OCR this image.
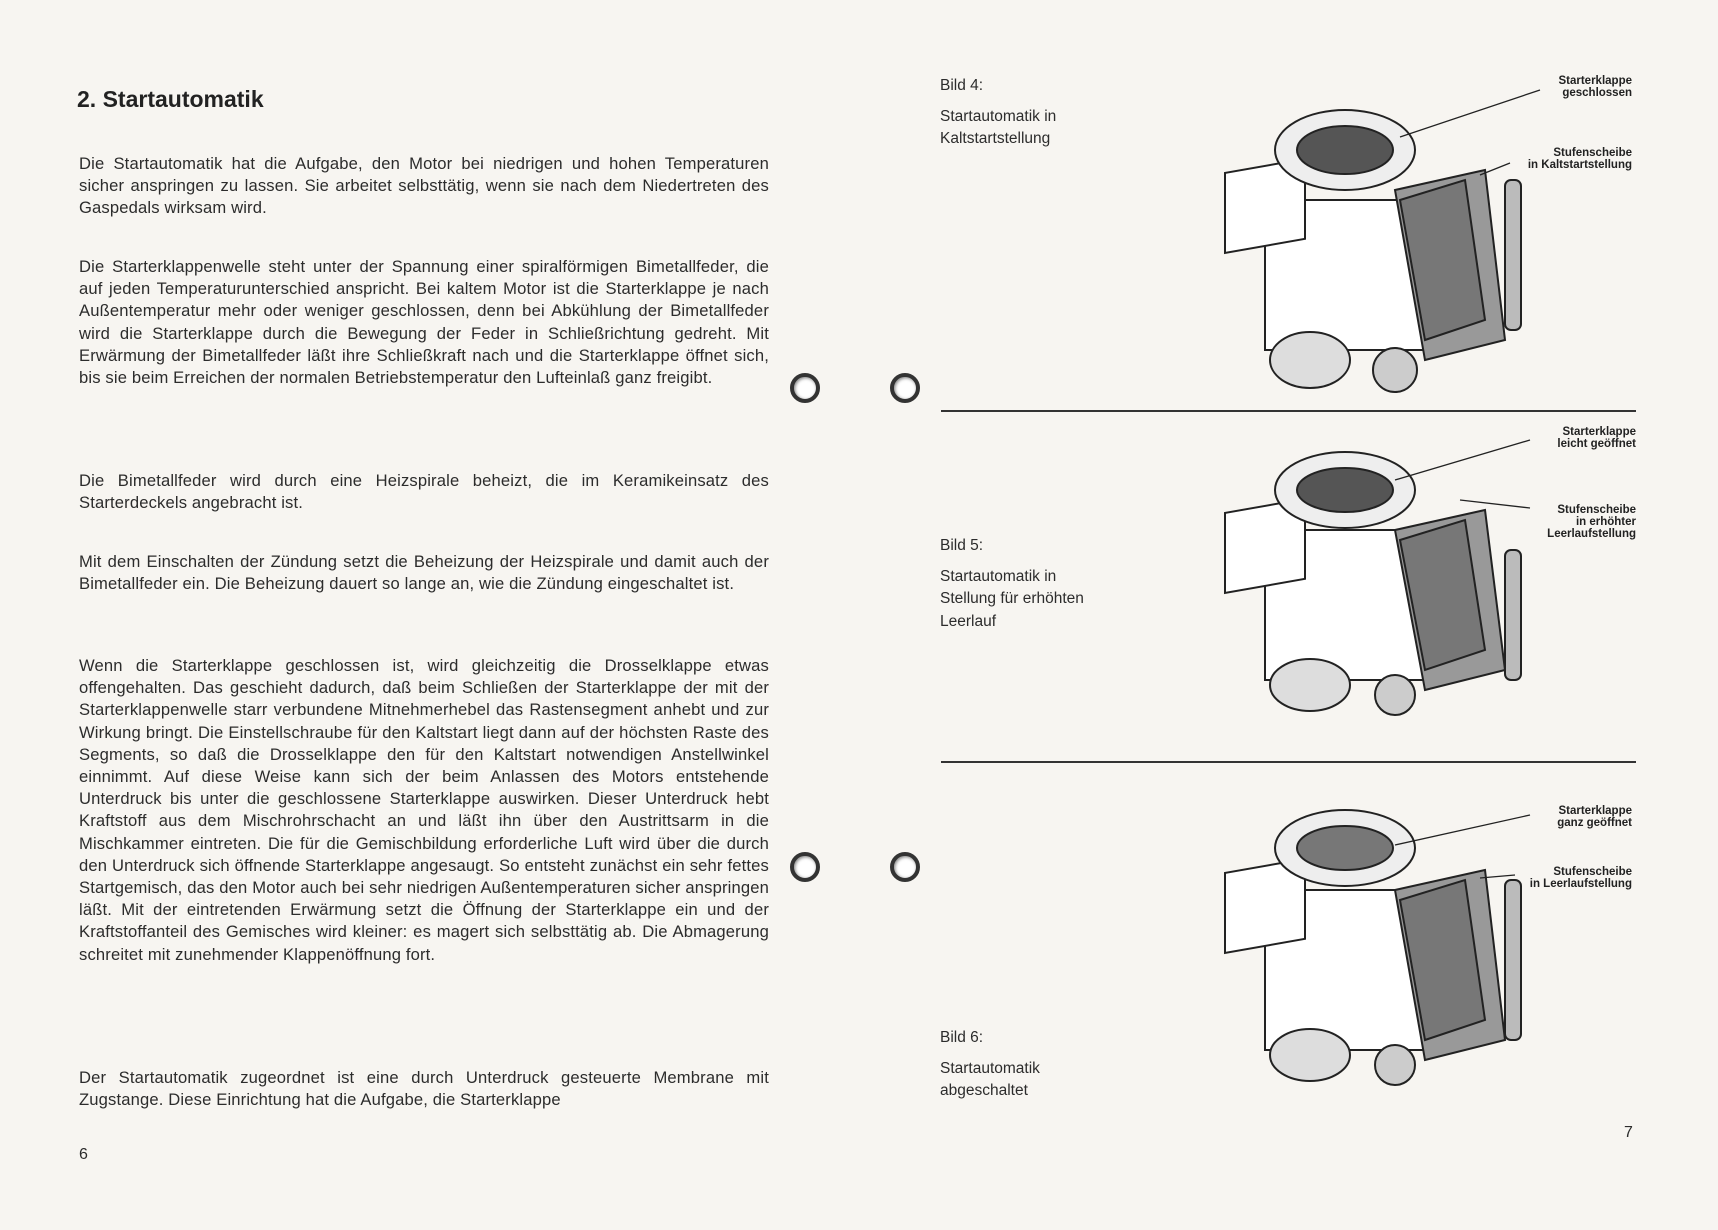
2. Startautomatik

Die Startautomatik hat die Aufgabe, den Motor bei niedrigen und hohen Temperaturen sicher anspringen zu lassen. Sie arbeitet selbsttätig, wenn sie nach dem Niedertreten des Gaspedals wirksam wird.

Die Starterklappenwelle steht unter der Spannung einer spiralförmigen Bimetallfeder, die auf jeden Temperaturunterschied anspricht. Bei kaltem Motor ist die Starterklappe je nach Außentemperatur mehr oder weniger geschlossen, denn bei Abkühlung der Bimetallfeder wird die Starterklappe durch die Bewegung der Feder in Schließrichtung gedreht. Mit Erwärmung der Bimetallfeder läßt ihre Schließkraft nach und die Starterklappe öffnet sich, bis sie beim Erreichen der normalen Betriebstemperatur den Lufteinlaß ganz freigibt.

Die Bimetallfeder wird durch eine Heizspirale beheizt, die im Keramikeinsatz des Starterdeckels angebracht ist.

Mit dem Einschalten der Zündung setzt die Beheizung der Heizspirale und damit auch der Bimetallfeder ein. Die Beheizung dauert so lange an, wie die Zündung eingeschaltet ist.

Wenn die Starterklappe geschlossen ist, wird gleichzeitig die Drosselklappe etwas offengehalten. Das geschieht dadurch, daß beim Schließen der Starterklappe der mit der Starterklappenwelle starr verbundene Mitnehmerhebel das Rastensegment anhebt und zur Wirkung bringt. Die Einstellschraube für den Kaltstart liegt dann auf der höchsten Raste des Segments, so daß die Drosselklappe den für den Kaltstart notwendigen Anstellwinkel einnimmt. Auf diese Weise kann sich der beim Anlassen des Motors entstehende Unterdruck bis unter die geschlossene Starterklappe auswirken. Dieser Unterdruck hebt Kraftstoff aus dem Mischrohrschacht an und läßt ihn über den Austrittsarm in die Mischkammer eintreten. Die für die Gemischbildung erforderliche Luft wird über die durch den Unterdruck sich öffnende Starterklappe angesaugt. So entsteht zunächst ein sehr fettes Startgemisch, das den Motor auch bei sehr niedrigen Außentemperaturen sicher anspringen läßt. Mit der eintretenden Erwärmung setzt die Öffnung der Starterklappe ein und der Kraftstoffanteil des Gemisches wird kleiner: es magert sich selbsttätig ab. Die Abmagerung schreitet mit zunehmender Klappenöffnung fort.

Der Startautomatik zugeordnet ist eine durch Unterdruck gesteuerte Membrane mit Zugstange. Diese Einrichtung hat die Aufgabe, die Starterklappe

6
Bild 4:
Startautomatik in
Kaltstartstellung
Bild 5:
Startautomatik in
Stellung für erhöhten
Leerlauf
Bild 6:
Startautomatik
abgeschaltet
Starterklappe
geschlossen
Stufenscheibe
in Kaltstartstellung
Starterklappe
leicht geöffnet
Stufenscheibe
in erhöhter
Leerlaufstellung
Starterklappe
ganz geöffnet
Stufenscheibe
in Leerlaufstellung
7
